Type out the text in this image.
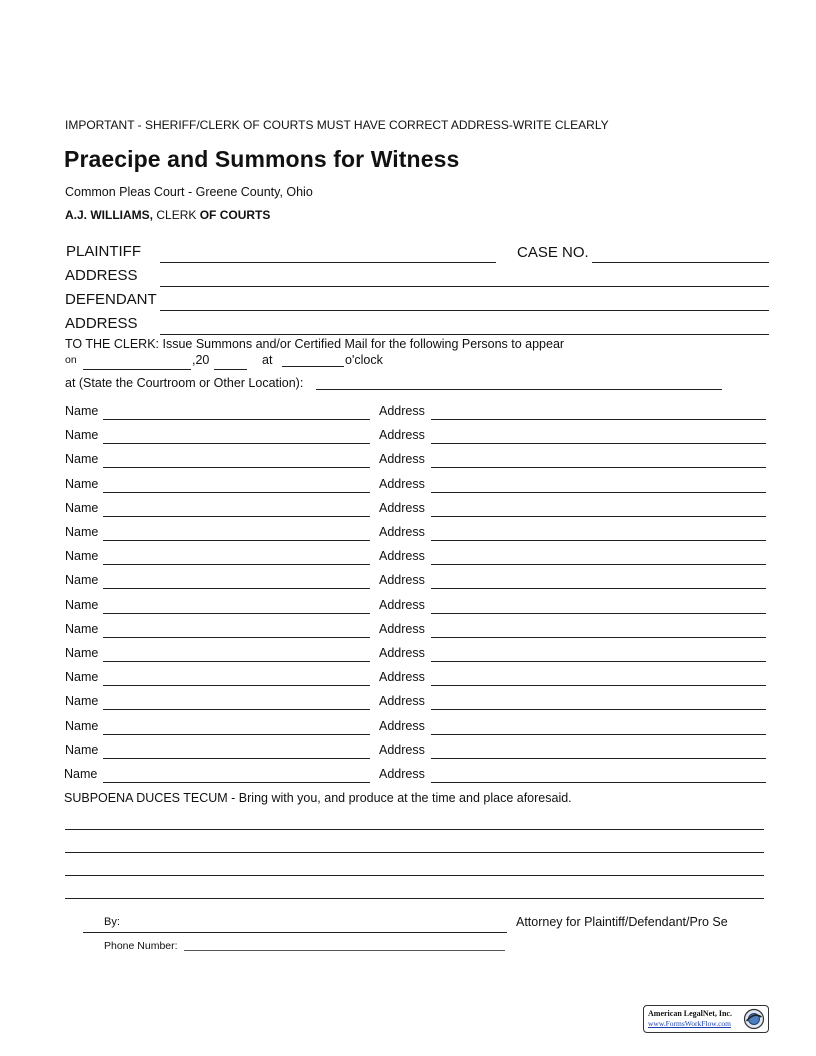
IMPORTANT - SHERIFF/CLERK OF COURTS MUST HAVE CORRECT ADDRESS-WRITE CLEARLY
Praecipe and Summons for Witness
Common Pleas Court - Greene County, Ohio
A.J. WILLIAMS, CLERK OF COURTS
PLAINTIFF	CASE NO.
ADDRESS
DEFENDANT
ADDRESS
TO THE CLERK: Issue Summons and/or Certified Mail for the following Persons to appear
on	,20	at	o'clock
at (State the Courtroom or Other Location):
Name	Address
Name	Address
Name	Address
Name	Address
Name	Address
Name	Address
Name	Address
Name	Address
Name	Address
Name	Address
Name	Address
Name	Address
Name	Address
Name	Address
Name	Address
Name	Address
SUBPOENA DUCES TECUM - Bring with you, and produce at the time and place aforesaid.
By:	Attorney for Plaintiff/Defendant/Pro Se
Phone Number:
American LegalNet, Inc.
www.FormsWorkFlow.com
